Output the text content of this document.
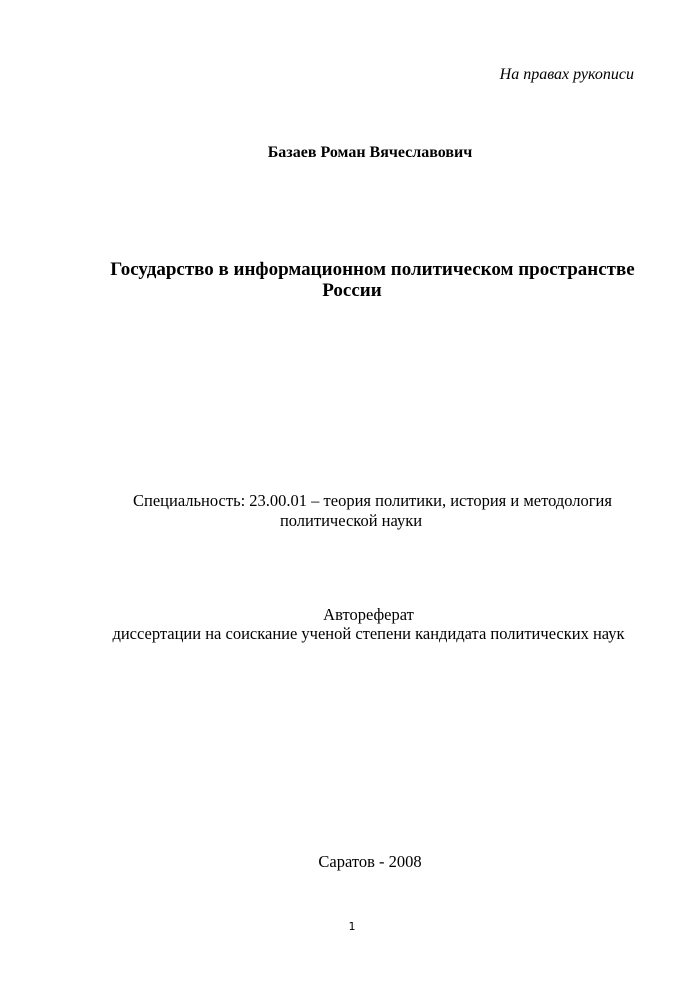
На правах рукописи

Базаев Роман Вячеславович

Государство в информационном политическом пространстве

России

Специальность: 23.00.01 – теория политики, история и методология

политической науки

Автореферат

диссертации на соискание ученой степени кандидата политических наук

Саратов - 2008

1
